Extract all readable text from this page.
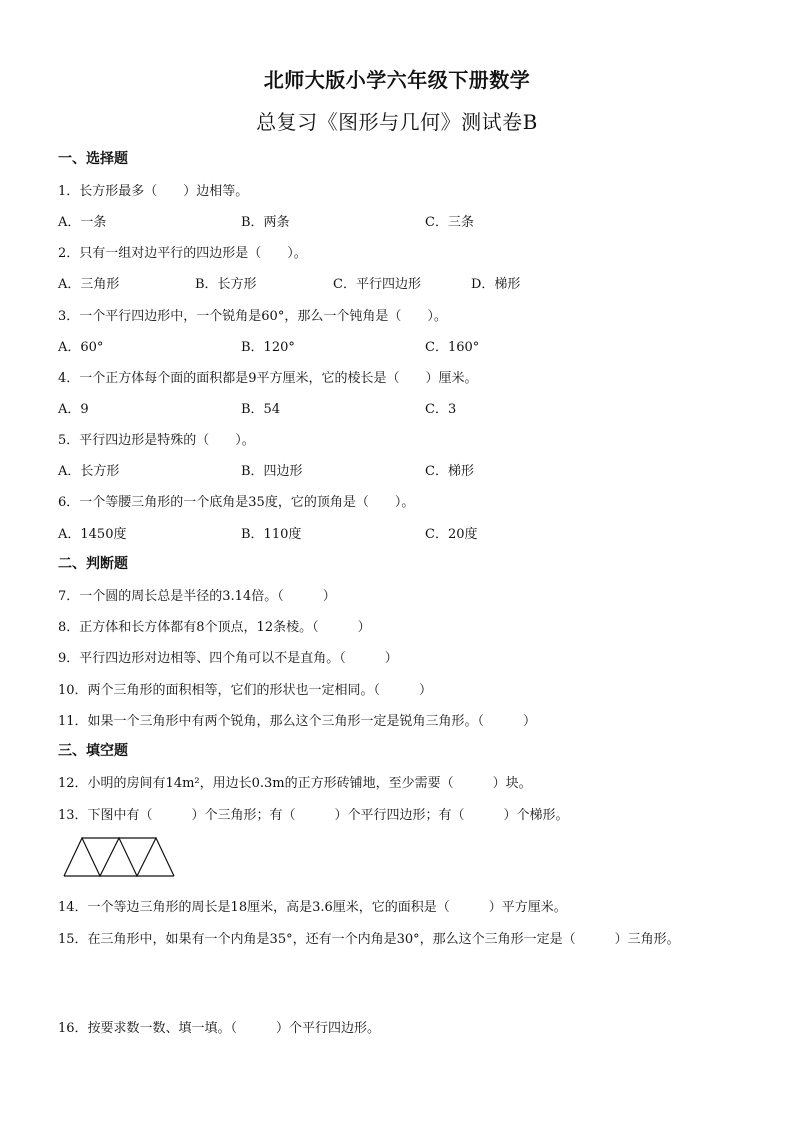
北师大版小学六年级下册数学
总复习《图形与几何》测试卷B
一、选择题
1．长方形最多（　　）边相等。
A．一条	B．两条	C．三条
2．只有一组对边平行的四边形是（　　）。
A．三角形	B．长方形	C．平行四边形	D．梯形
3．一个平行四边形中，一个锐角是60°，那么一个钝角是（　　）。
A．60°	B．120°	C．160°
4．一个正方体每个面的面积都是9平方厘米，它的棱长是（　　）厘米。
A．9	B．54	C．3
5．平行四边形是特殊的（　　）。
A．长方形	B．四边形	C．梯形
6．一个等腰三角形的一个底角是35度，它的顶角是（　　）。
A．1450度	B．110度	C．20度
二、判断题
7．一个圆的周长总是半径的3.14倍。（　　　）
8．正方体和长方体都有8个顶点，12条棱。（　　　）
9．平行四边形对边相等、四个角可以不是直角。（　　　）
10．两个三角形的面积相等，它们的形状也一定相同。（　　　）
11．如果一个三角形中有两个锐角，那么这个三角形一定是锐角三角形。（　　　）
三、填空题
12．小明的房间有14m²，用边长0.3m的正方形砖铺地，至少需要（　　　）块。
13．下图中有（　　　）个三角形；有（　　　）个平行四边形；有（　　　）个梯形。
14．一个等边三角形的周长是18厘米，高是3.6厘米，它的面积是（　　　）平方厘米。
15．在三角形中，如果有一个内角是35°，还有一个内角是30°，那么这个三角形一定是（　　　）三角形。
16．按要求数一数、填一填。（　　　）个平行四边形。
